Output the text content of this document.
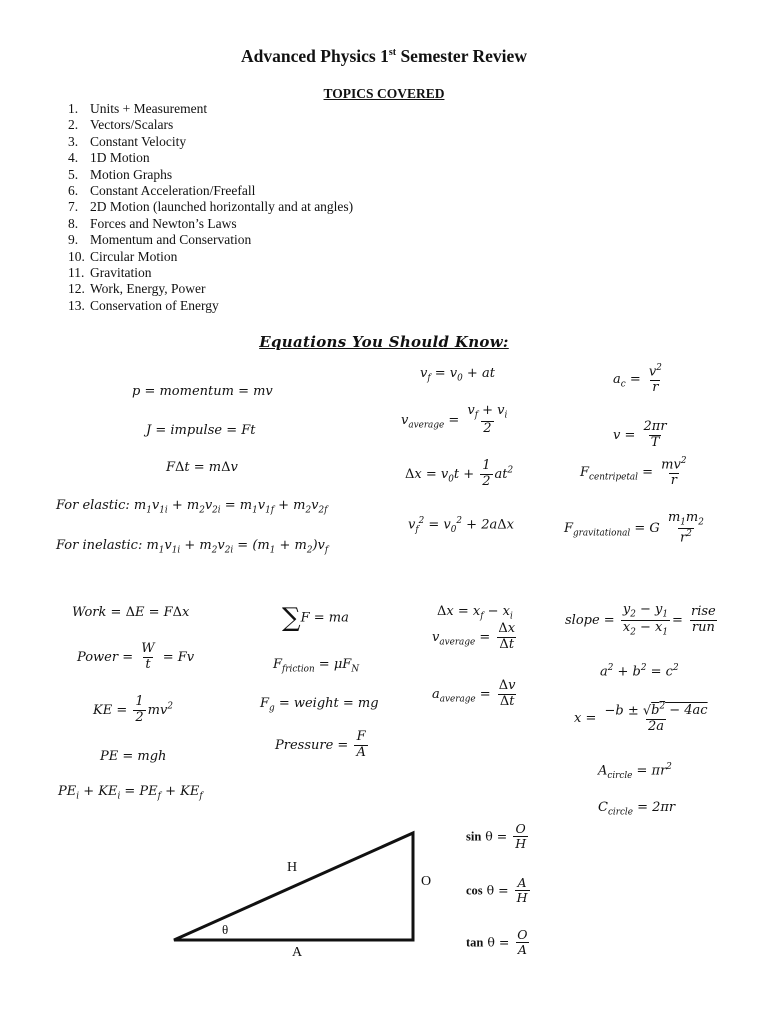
Advanced Physics 1st Semester Review
TOPICS COVERED
1. Units + Measurement
2. Vectors/Scalars
3. Constant Velocity
4. 1D Motion
5. Motion Graphs
6. Constant Acceleration/Freefall
7. 2D Motion (launched horizontally and at angles)
8. Forces and Newton’s Laws
9. Momentum and Conservation
10. Circular Motion
11. Gravitation
12. Work, Energy, Power
13. Conservation of Energy
Equations You Should Know:
p = momentum = mv
J = impulse = Ft
FΔt = mΔv
For elastic: $m_1v_{1i} + m_2v_{2i} = m_1v_{1f} + m_2v_{2f}$
For inelastic: $m_1v_{1i} + m_2v_{2i} = (m_1 + m_2)v_f$
$v_f = v_0$ + at
$v_{average} = \frac{v_f + v_i}{2}$
$\Delta x = v_0t + \frac{1}{2} at^2$
$v_f^2 = v_0^2 + 2a\Delta x$
$a_c = \frac{v^2}{r}$
$v = \frac{2\pi r}{T}$
$F_{centripetal} = \frac{mv^2}{r}$
$F_{gravitational} = G \frac{m_1m_2}{r^2}$
Work = ΔE = FΔx
Power = $\frac{W}{t} = Fv$
KE = $\frac{1}{2} mv^2$
PE = mgh
$PE_i + KE_i = PE_f + KE_f$
∑F = ma
$F_{friction} = \mu F_N$
$F_g$ = weight = mg
Pressure = $\frac{F}{A}$
$\Delta x = x_f - x_i$
$v_{average} = \frac{\Delta x}{\Delta t}$
$a_{average} = \frac{\Delta v}{\Delta t}$
slope = $\frac{y_2 - y_1}{x_2 - x_1} = \frac{\text{rise}}{\text{run}}$
$a^2 + b^2 = c^2$
$x = \frac{-b \pm √b^2 - 4ac}{2a}$
$A_{circle} = \pi r^2$
$C_{circle} = 2\pi r$
H
O
A
θ
$\sin \theta = \frac{O}{H}$
$\cos \theta = \frac{A}{H}$
$\tan \theta = \frac{O}{A}$
